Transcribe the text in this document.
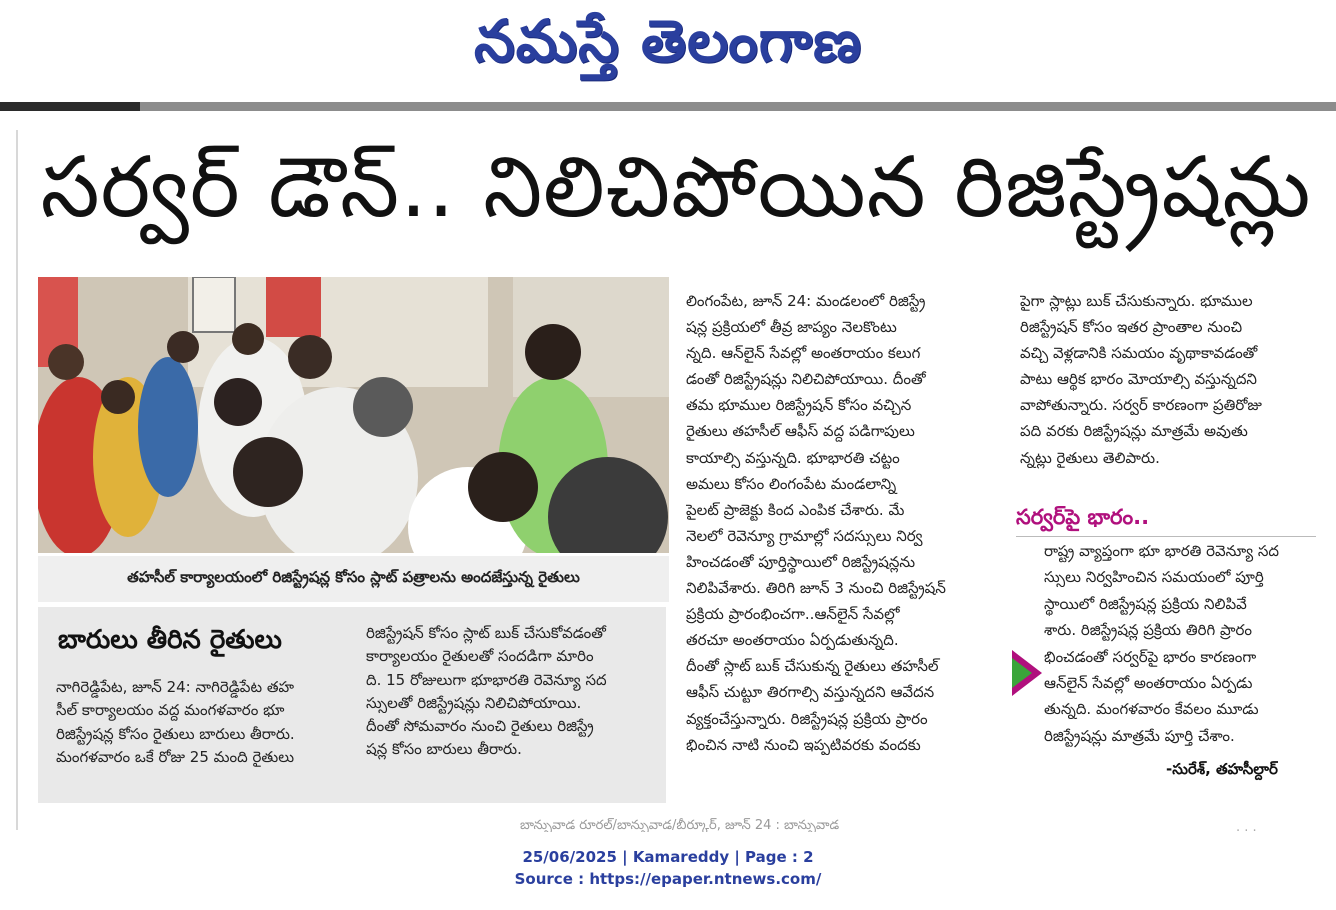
నమస్తే తెలంగాణ
సర్వర్ డౌన్.. నిలిచిపోయిన రిజిస్ట్రేషన్లు
తహసీల్ కార్యాలయంలో రిజిస్ట్రేషన్ల కోసం స్లాట్ పత్రాలను అందజేస్తున్న రైతులు
బారులు తీరిన రైతులు
నాగిరెడ్డిపేట, జూన్ 24: నాగిరెడ్డిపేట తహ
సీల్ కార్యాలయం వద్ద మంగళవారం భూ
రిజిస్ట్రేషన్ల కోసం రైతులు బారులు తీరారు.
మంగళవారం ఒకే రోజు 25 మంది రైతులు
రిజిస్ట్రేషన్ కోసం స్లాట్ బుక్ చేసుకోవడంతో
కార్యాలయం రైతులతో సందడిగా మారిం
ది. 15 రోజులుగా భూభారతి రెవెన్యూ సద
స్సులతో రిజిస్ట్రేషన్లు నిలిచిపోయాయి.
దీంతో సోమవారం నుంచి రైతులు రిజిస్ట్రే
షన్ల కోసం బారులు తీరారు.
లింగంపేట, జూన్ 24: మండలంలో రిజిస్ట్రే
షన్ల ప్రక్రియలో తీవ్ర జాప్యం నెలకొంటు
న్నది. ఆన్‌లైన్ సేవల్లో అంతరాయం కలుగ
డంతో రిజిస్ట్రేషన్లు నిలిచిపోయాయి. దీంతో
తమ భూముల రిజిస్ట్రేషన్ కోసం వచ్చిన
రైతులు తహసీల్ ఆఫీస్ వద్ద పడిగాపులు
కాయాల్సి వస్తున్నది. భూభారతి చట్టం
అమలు కోసం లింగంపేట మండలాన్ని
పైలట్ ప్రాజెక్టు కింద ఎంపిక చేశారు. మే
నెలలో రెవెన్యూ గ్రామాల్లో సదస్సులు నిర్వ
హించడంతో పూర్తిస్థాయిలో రిజిస్ట్రేషన్లను
నిలిపివేశారు. తిరిగి జూన్ 3 నుంచి రిజిస్ట్రేషన్
ప్రక్రియ ప్రారంభించగా..ఆన్‌లైన్ సేవల్లో
తరచూ అంతరాయం ఏర్పడుతున్నది.
దీంతో స్లాట్ బుక్ చేసుకున్న రైతులు తహసీల్
ఆఫీస్ చుట్టూ తిరగాల్సి వస్తున్నదని ఆవేదన
వ్యక్తంచేస్తున్నారు. రిజిస్ట్రేషన్ల ప్రక్రియ ప్రారం
భించిన నాటి నుంచి ఇప్పటివరకు వందకు
పైగా స్లాట్లు బుక్ చేసుకున్నారు. భూముల
రిజిస్ట్రేషన్ కోసం ఇతర ప్రాంతాల నుంచి
వచ్చి వెళ్లడానికి సమయం వృథాకావడంతో
పాటు ఆర్థిక భారం మోయాల్సి వస్తున్నదని
వాపోతున్నారు. సర్వర్ కారణంగా ప్రతిరోజు
పది వరకు రిజిస్ట్రేషన్లు మాత్రమే అవుతు
న్నట్లు రైతులు తెలిపారు.
సర్వర్‌పై భారం..
రాష్ట్ర వ్యాప్తంగా భూ భారతి రెవెన్యూ సద
స్సులు నిర్వహించిన సమయంలో పూర్తి
స్థాయిలో రిజిస్ట్రేషన్ల ప్రక్రియ నిలిపివే
శారు. రిజిస్ట్రేషన్ల ప్రక్రియ తిరిగి ప్రారం
భించడంతో సర్వర్‌పై భారం కారణంగా
ఆన్‌లైన్ సేవల్లో అంతరాయం ఏర్పడు
తున్నది. మంగళవారం కేవలం మూడు
రిజిస్ట్రేషన్లు మాత్రమే పూర్తి చేశాం.
-సురేశ్, తహసీల్దార్
బాన్సువాడ రూరల్/బాన్సువాడ/బీర్కూర్, జూన్ 24 : బాన్సువాడ	. . .
25/06/2025 | Kamareddy | Page : 2
Source : https://epaper.ntnews.com/
